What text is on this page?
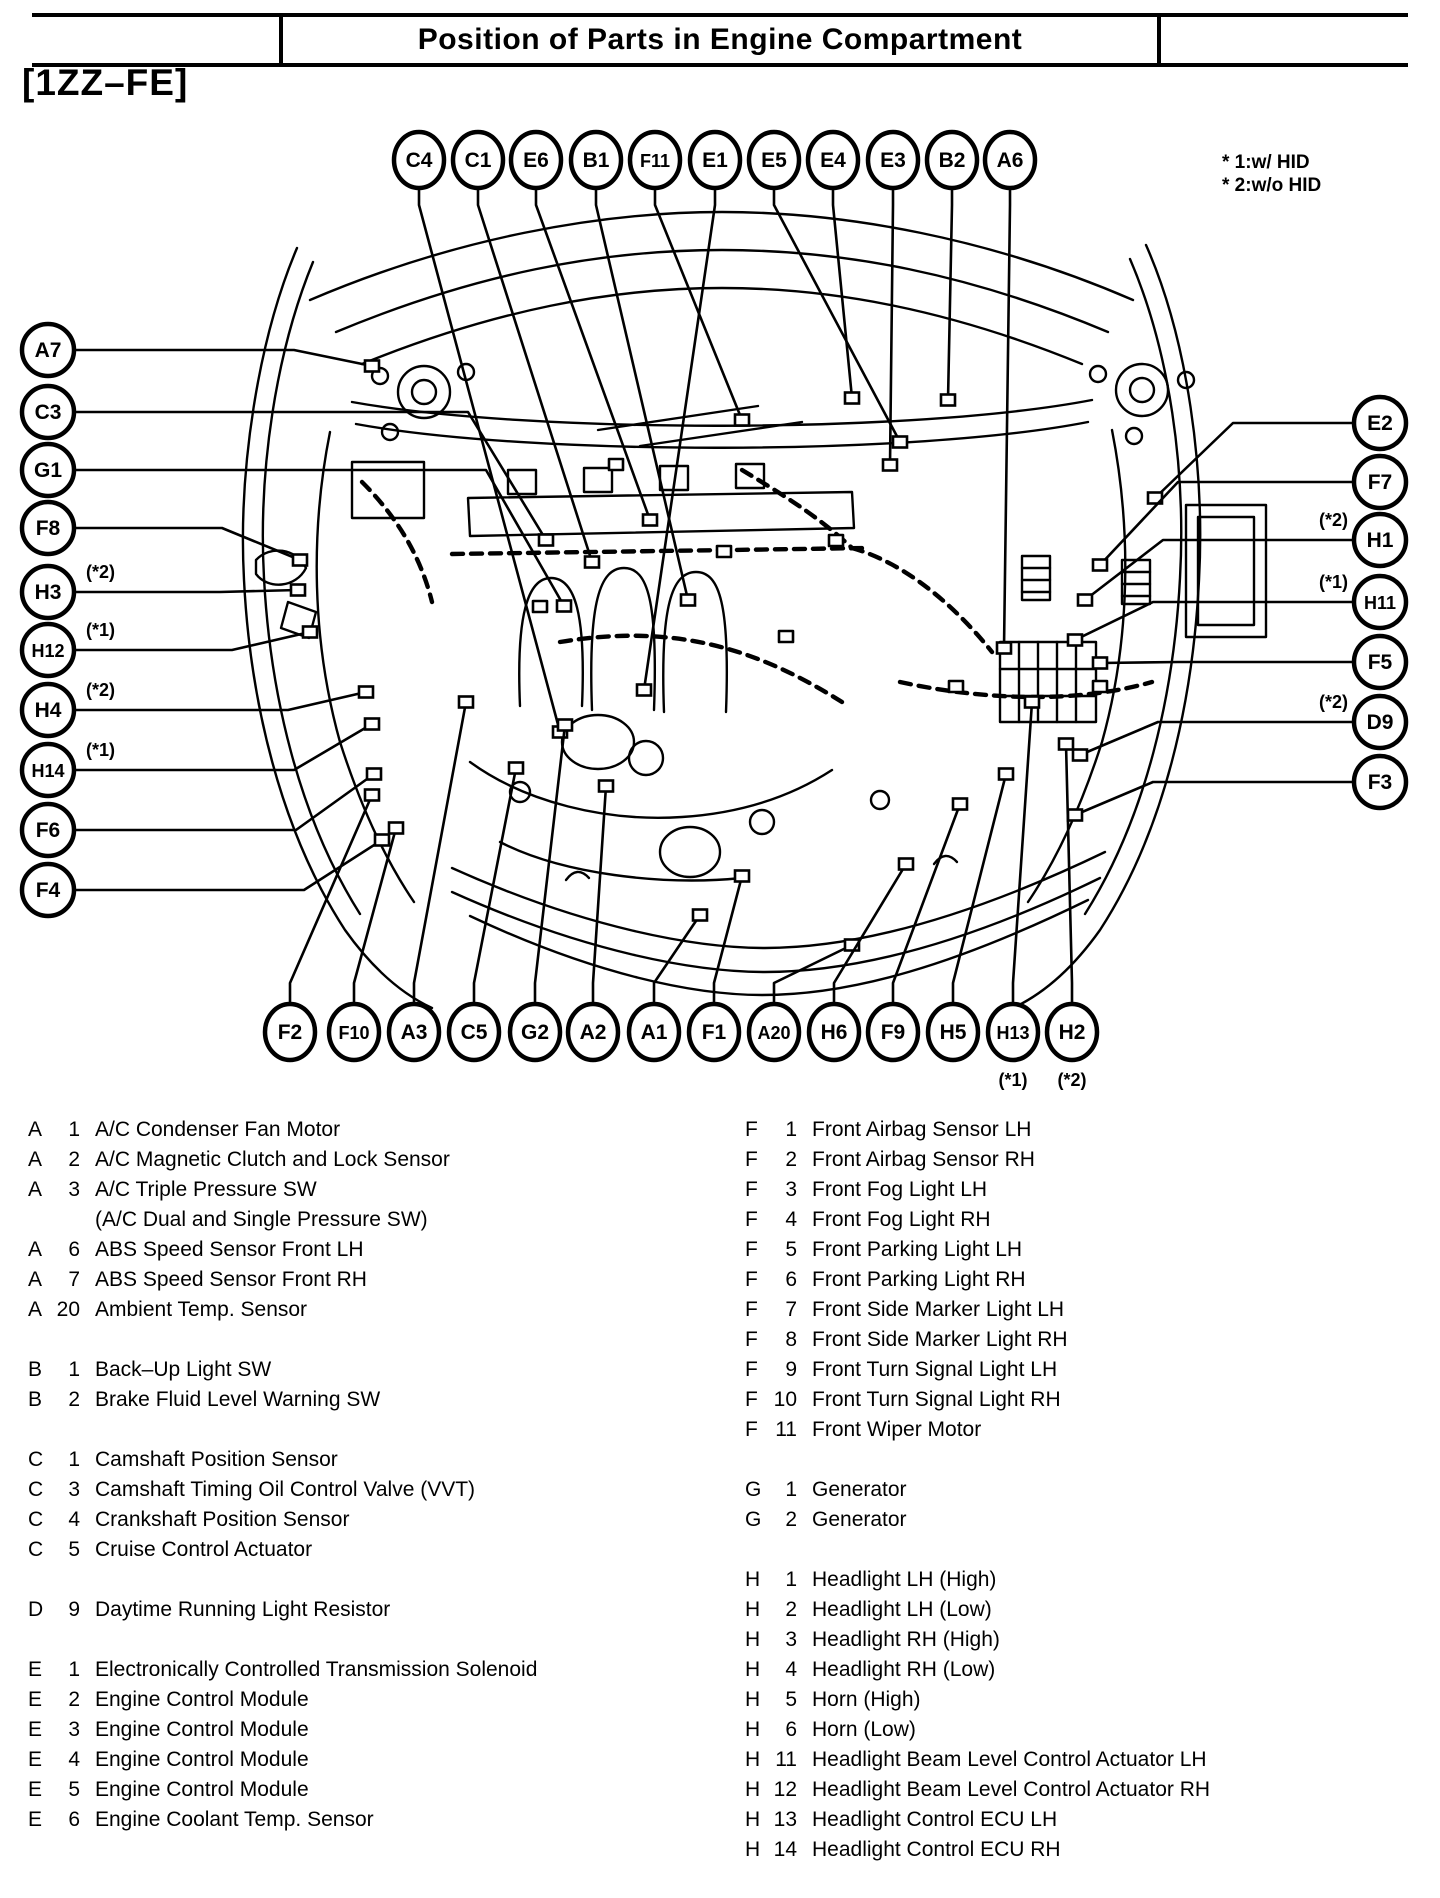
Position of Parts in Engine Compartment
[1ZZ–FE]
C4 C1 E6 B1 F11 E1 E5 E4 E3 B2 A6
A7
C3
G1
F8
H3
(*2)
H12
(*1)
H4
(*2)
H14
(*1)
F6
F4
E2
F7
H1
(*2)
H11
(*1)
F5
D9
(*2)
F3
F2 F10 A3 C5 G2 A2 A1 F1 A20 H6 F9 H5 H13
(*1)
H2
(*2)
* 1:w/ HID
* 2:w/o HID
A	1 A/C Condenser Fan Motor
A	2 A/C Magnetic Clutch and Lock Sensor
A	3 A/C Triple Pressure SW
(A/C Dual and Single Pressure SW)
A	6 ABS Speed Sensor Front LH
A	7 ABS Speed Sensor Front RH
A 20 Ambient Temp. Sensor
B	1 Back–Up Light SW
B	2 Brake Fluid Level Warning SW
C	1 Camshaft Position Sensor
C	3 Camshaft Timing Oil Control Valve (VVT)
C	4 Crankshaft Position Sensor
C	5 Cruise Control Actuator
D	9 Daytime Running Light Resistor
E	1 Electronically Controlled Transmission Solenoid
E	2 Engine Control Module
E	3 Engine Control Module
E	4 Engine Control Module
E	5 Engine Control Module
E	6 Engine Coolant Temp. Sensor
F	1 Front Airbag Sensor LH
F	2 Front Airbag Sensor RH
F	3 Front Fog Light LH
F	4 Front Fog Light RH
F	5 Front Parking Light LH
F	6 Front Parking Light RH
F	7 Front Side Marker Light LH
F	8 Front Side Marker Light RH
F	9 Front Turn Signal Light LH
F 10 Front Turn Signal Light RH
F 11 Front Wiper Motor
G	1 Generator
G	2 Generator
H	1 Headlight LH (High)
H	2 Headlight LH (Low)
H	3 Headlight RH (High)
H	4 Headlight RH (Low)
H	5 Horn (High)
H	6 Horn (Low)
H 11 Headlight Beam Level Control Actuator LH
H 12 Headlight Beam Level Control Actuator RH
H 13 Headlight Control ECU LH
H 14 Headlight Control ECU RH
